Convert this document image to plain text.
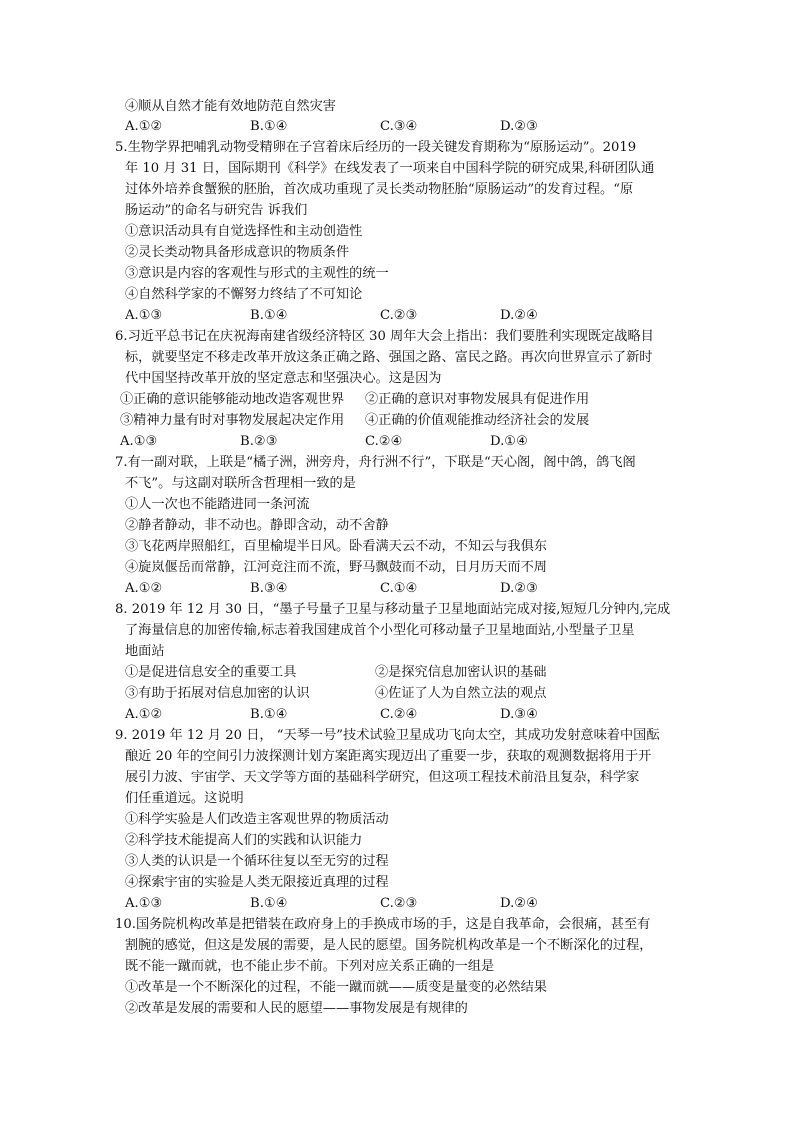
④顺从自然才能有效地防范自然灾害
A.①②	B.①④	C.③④	D.②③
5.生物学界把哺乳动物受精卵在子宫着床后经历的一段关键发育期称为“原肠运动”。2019
年 10 月 31 日，国际期刊《科学》在线发表了一项来自中国科学院的研究成果,科研团队通
过体外培养食蟹猴的胚胎，首次成功重现了灵长类动物胚胎“原肠运动”的发育过程。“原
肠运动”的命名与研究告 诉我们
①意识活动具有自觉选择性和主动创造性
②灵长类动物具备形成意识的物质条件
③意识是内容的客观性与形式的主观性的统一
④自然科学家的不懈努力终结了不可知论
A.①③	B.①④	C.②③	D.②④
6.习近平总书记在庆祝海南建省级经济特区 30 周年大会上指出：我们要胜利实现既定战略目
标，就要坚定不移走改革开放这条正确之路、强国之路、富民之路。再次向世界宣示了新时
代中国坚持改革开放的坚定意志和坚强决心。这是因为
①正确的意识能够能动地改造客观世界 ②正确的意识对事物发展具有促进作用
③精神力量有时对事物发展起决定作用 ④正确的价值观能推动经济社会的发展
A.①③	B.②③	C.②④	D.①④
7.有一副对联，上联是“橘子洲，洲旁舟，舟行洲不行”，下联是“天心阁，阁中鸽，鸽飞阁
不飞”。与这副对联所含哲理相一致的是
①人一次也不能踏进同一条河流
②静者静动，非不动也。静即含动，动不舍静
③飞花两岸照船红，百里榆堤半日风。卧看满天云不动，不知云与我俱东
④旋岚偃岳而常静，江河竞注而不流，野马飘鼓而不动，日月历天而不周
A.①②	B.③④	C.①④	D.②③
8. 2019 年 12 月 30 日，“墨子号量子卫星与移动量子卫星地面站完成对接,短短几分钟内,完成
了海量信息的加密传输,标志着我国建成首个小型化可移动量子卫星地面站,小型量子卫星
地面站
①是促进信息安全的重要工具	②是探究信息加密认识的基础
③有助于拓展对信息加密的认识	④佐证了人为自然立法的观点
A.①②	B.①④	C.②④	D.③④
9. 2019 年 12 月 20 日， “天琴一号”技术试验卫星成功飞向太空，其成功发射意味着中国酝
酿近 20 年的空间引力波探测计划方案距离实现迈出了重要一步，获取的观测数据将用于开
展引力波、宇宙学、天文学等方面的基础科学研究，但这项工程技术前沿且复杂，科学家
们任重道远。这说明
①科学实验是人们改造主客观世界的物质活动
②科学技术能提高人们的实践和认识能力
③人类的认识是一个循环往复以至无穷的过程
④探索宇宙的实验是人类无限接近真理的过程
A.①③	B.①④	C.②③	D.②④
10.国务院机构改革是把错装在政府身上的手换成市场的手，这是自我革命，会很痛，甚至有
割腕的感觉，但这是发展的需要，是人民的愿望。国务院机构改革是一个不断深化的过程，
既不能一蹴而就，也不能止步不前。下列对应关系正确的一组是
①改革是一个不断深化的过程，不能一蹴而就——质变是量变的必然结果
②改革是发展的需要和人民的愿望——事物发展是有规律的
